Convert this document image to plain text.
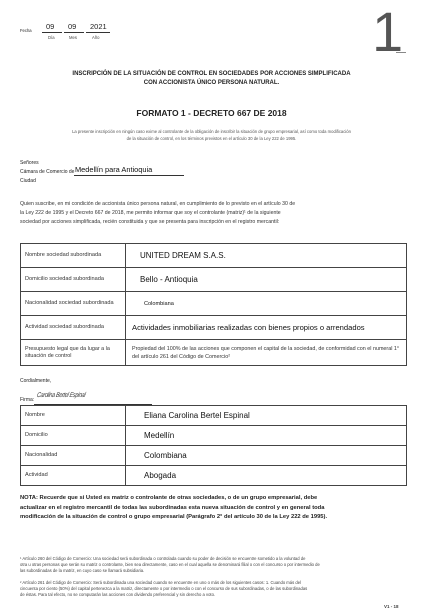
Fecha 09 09 2021
Día	Mes	Año	1
INSCRIPCIÓN DE LA SITUACIÓN DE CONTROL EN SOCIEDADES POR ACCIONES SIMPLIFICADA
CON ACCIONISTA ÚNICO PERSONA NATURAL.
FORMATO 1 - DECRETO 667 DE 2018
La presente inscripción en ningún caso exime al controlante de la obligación de inscribir la situación de grupo empresarial, así como toda modificación
de la situación de control, en los términos previstos en el artículo 30 de la Ley 222 de 1995.
Señores
Cámara de Comercio de Medellín para Antioquia
Ciudad
Quien suscribe, en mi condición de accionista único persona natural, en cumplimiento de lo previsto en el artículo 30 de
la Ley 222 de 1995 y el Decreto 667 de 2018, me permito informar que soy el controlante (matriz)¹ de la siguiente
sociedad por acciones simplificada, recién constituida y que se presenta para inscripción en el registro mercantil:
Nombre sociedad subordinada	UNITED DREAM S.A.S.
Domicilio sociedad subordinada	Bello - Antioquia
Nacionalidad sociedad subordinada	Colombiana
Actividad sociedad subordinada	Actividades inmobiliarias realizadas con bienes propios o arrendados
Presupuesto legal que da lugar a la situación de control	Propiedad del 100% de las acciones que componen el capital de la sociedad, de conformidad con el numeral 1° del artículo 261 del Código de Comercio²
Cordialmente,
Firma:
Carolina Bertel Espinal
Nombre	Eliana Carolina Bertel Espinal
Domicilio	Medellín
Nacionalidad	Colombiana
Actividad	Abogada
NOTA: Recuerde que si Usted es matriz o controlante de otras sociedades, o de un grupo empresarial, debe
actualizar en el registro mercantil de todas las subordinadas esta nueva situación de control y en general toda
modificación de la situación de control o grupo empresarial (Parágrafo 2° del artículo 30 de la Ley 222 de 1995).
¹ Artículo 260 del Código de Comercio: Una sociedad será subordinada o controlada cuando su poder de decisión se encuentre sometido a la voluntad de
otra u otras personas que serán su matriz o controlante, bien sea directamente, caso en el cual aquella se denominará filial o con el concurso o por intermedio de
las subordinadas de la matriz, en cuyo caso se llamará subsidiaria.
² Artículo 261 del Código de Comercio: Será subordinada una sociedad cuando se encuentre en uno o más de los siguientes casos: 1. Cuando más del
cincuenta por ciento (50%) del capital pertenezca a la matriz, directamente o por intermedio o con el concurso de sus subordinadas, o de las subordinadas
de éstas. Para tal efecto, no se computarán las acciones con dividendo preferencial y sin derecho a voto.
V1 - 18
